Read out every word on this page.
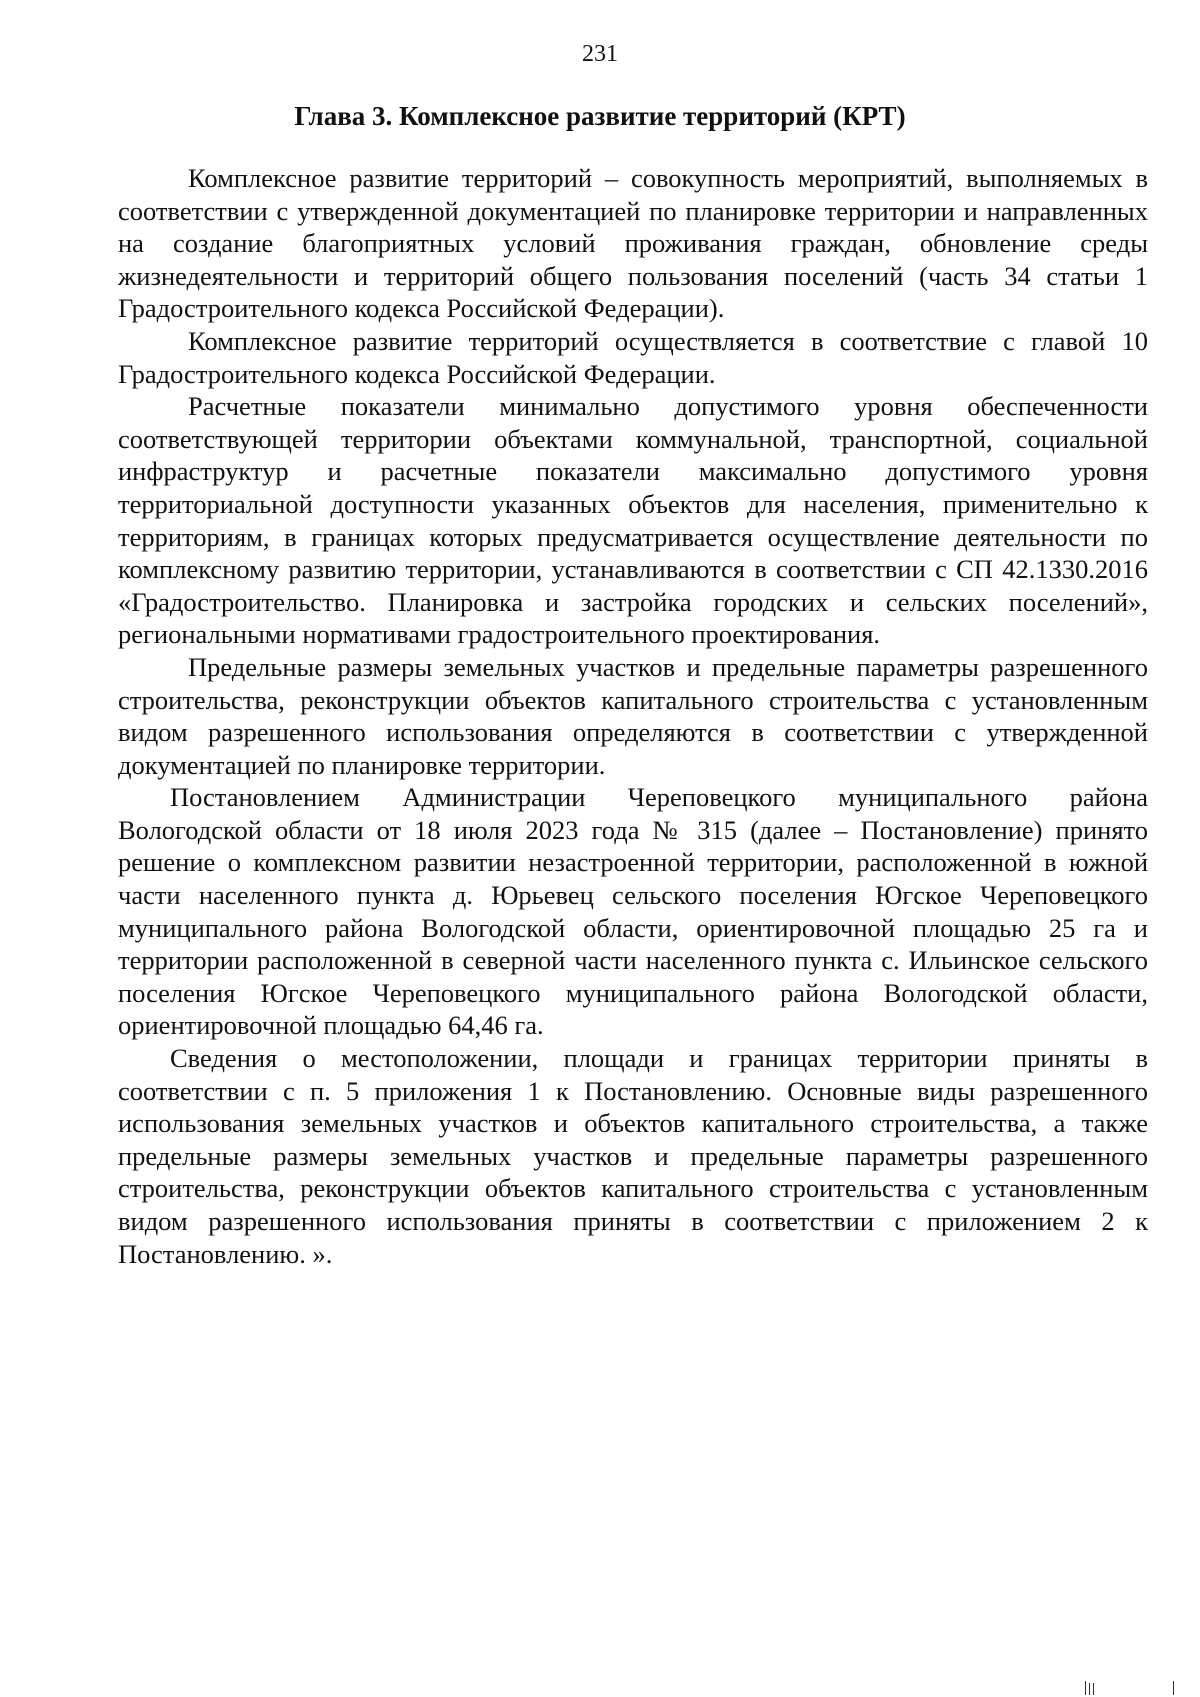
231
Глава 3. Комплексное развитие территорий (КРТ)

Комплексное развитие территорий – совокупность мероприятий, выполняемых в соответствии с утвержденной документацией по планировке территории и направленных на создание благоприятных условий проживания граждан, обновление среды жизнедеятельности и территорий общего пользования поселений (часть 34 статьи 1 Градостроительного кодекса Российской Федерации).

Комплексное развитие территорий осуществляется в соответствие с главой 10 Градостроительного кодекса Российской Федерации.

Расчетные показатели минимально допустимого уровня обеспеченности соответствующей территории объектами коммунальной, транспортной, социальной инфраструктур и расчетные показатели максимально допустимого уровня территориальной доступности указанных объектов для населения, применительно к территориям, в границах которых предусматривается осуществление деятельности по комплексному развитию территории, устанавливаются в соответствии с СП 42.1330.2016 «Градостроительство. Планировка и застройка городских и сельских поселений», региональными нормативами градостроительного проектирования.

Предельные размеры земельных участков и предельные параметры разрешенного строительства, реконструкции объектов капитального строительства с установленным видом разрешенного использования определяются в соответствии с утвержденной документацией по планировке территории.

Постановлением Администрации Череповецкого муниципального района Вологодской области от 18 июля 2023 года № 315 (далее – Постановление) принято решение о комплексном развитии незастроенной территории, расположенной в южной части населенного пункта д. Юрьевец сельского поселения Югское Череповецкого муниципального района Вологодской области, ориентировочной площадью 25 га и территории расположенной в северной части населенного пункта с. Ильинское сельского поселения Югское Череповецкого муниципального района Вологодской области, ориентировочной площадью 64,46 га.

Сведения о местоположении, площади и границах территории приняты в соответствии с п. 5 приложения 1 к Постановлению. Основные виды разрешенного использования земельных участков и объектов капитального строительства, а также предельные размеры земельных участков и предельные параметры разрешенного строительства, реконструкции объектов капитального строительства с установленным видом разрешенного использования приняты в соответствии с приложением 2 к Постановлению. ».
